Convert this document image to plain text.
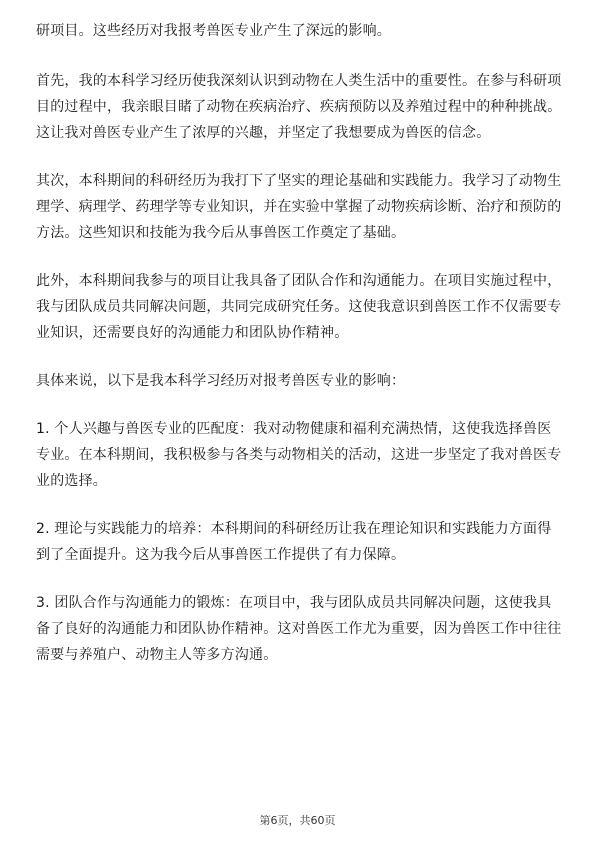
研项目。这些经历对我报考兽医专业产生了深远的影响。

首先，我的本科学习经历使我深刻认识到动物在人类生活中的重要性。在参与科研项目的过程中，我亲眼目睹了动物在疾病治疗、疾病预防以及养殖过程中的种种挑战。这让我对兽医专业产生了浓厚的兴趣，并坚定了我想要成为兽医的信念。

其次，本科期间的科研经历为我打下了坚实的理论基础和实践能力。我学习了动物生理学、病理学、药理学等专业知识，并在实验中掌握了动物疾病诊断、治疗和预防的方法。这些知识和技能为我今后从事兽医工作奠定了基础。

此外，本科期间我参与的项目让我具备了团队合作和沟通能力。在项目实施过程中，我与团队成员共同解决问题，共同完成研究任务。这使我意识到兽医工作不仅需要专业知识，还需要良好的沟通能力和团队协作精神。

具体来说，以下是我本科学习经历对报考兽医专业的影响：

1. 个人兴趣与兽医专业的匹配度：我对动物健康和福利充满热情，这使我选择兽医专业。在本科期间，我积极参与各类与动物相关的活动，这进一步坚定了我对兽医专业的选择。

2. 理论与实践能力的培养：本科期间的科研经历让我在理论知识和实践能力方面得到了全面提升。这为我今后从事兽医工作提供了有力保障。

3. 团队合作与沟通能力的锻炼：在项目中，我与团队成员共同解决问题，这使我具备了良好的沟通能力和团队协作精神。这对兽医工作尤为重要，因为兽医工作中往往需要与养殖户、动物主人等多方沟通。

第6页，共60页
